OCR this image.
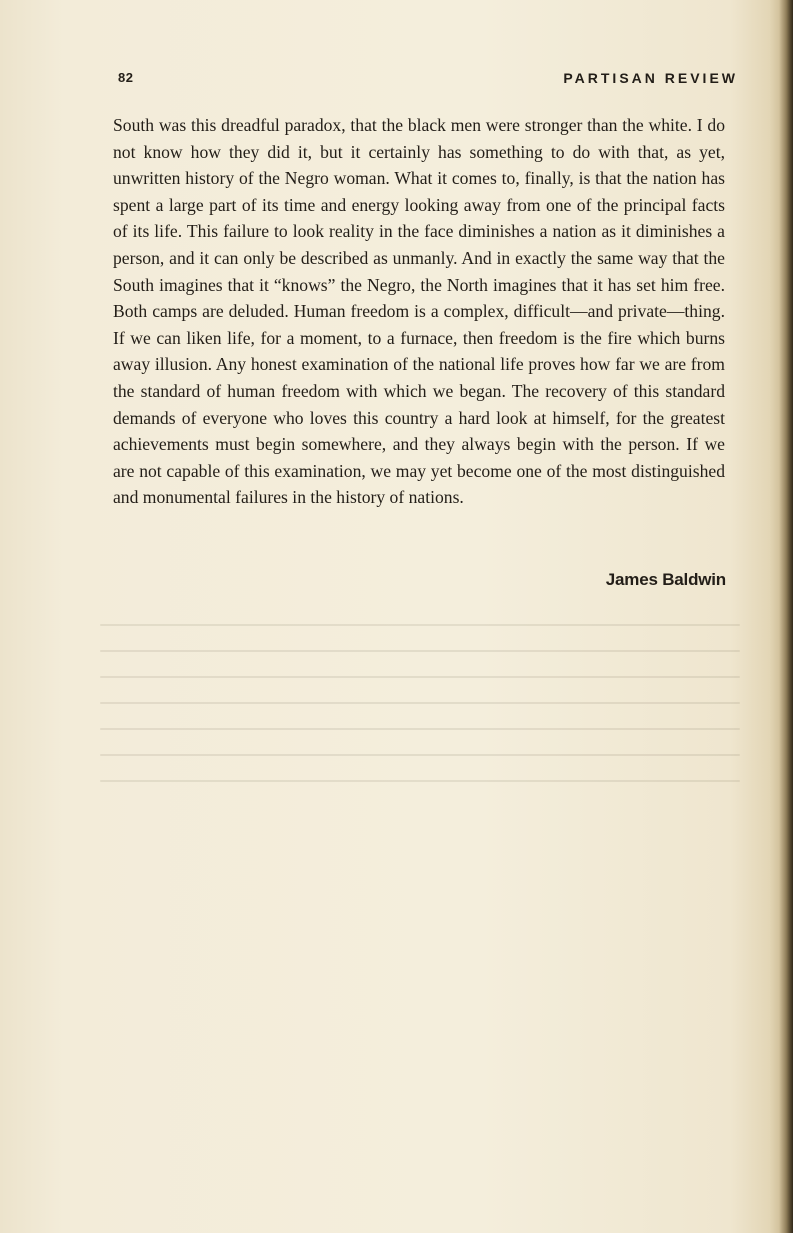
82	PARTISAN REVIEW

South was this dreadful paradox, that the black men were stronger than the white. I do not know how they did it, but it certainly has something to do with that, as yet, unwritten history of the Negro woman. What it comes to, finally, is that the nation has spent a large part of its time and energy looking away from one of the principal facts of its life. This failure to look reality in the face diminishes a nation as it diminishes a person, and it can only be described as unmanly. And in exactly the same way that the South imagines that it “knows” the Negro, the North imagines that it has set him free. Both camps are deluded. Human freedom is a complex, difficult—and private—thing. If we can liken life, for a moment, to a furnace, then freedom is the fire which burns away illusion. Any honest examination of the national life proves how far we are from the standard of human freedom with which we began. The recovery of this standard demands of everyone who loves this country a hard look at himself, for the greatest achievements must begin somewhere, and they always begin with the person. If we are not capable of this examination, we may yet become one of the most distinguished and monumental failures in the history of nations.

James Baldwin
